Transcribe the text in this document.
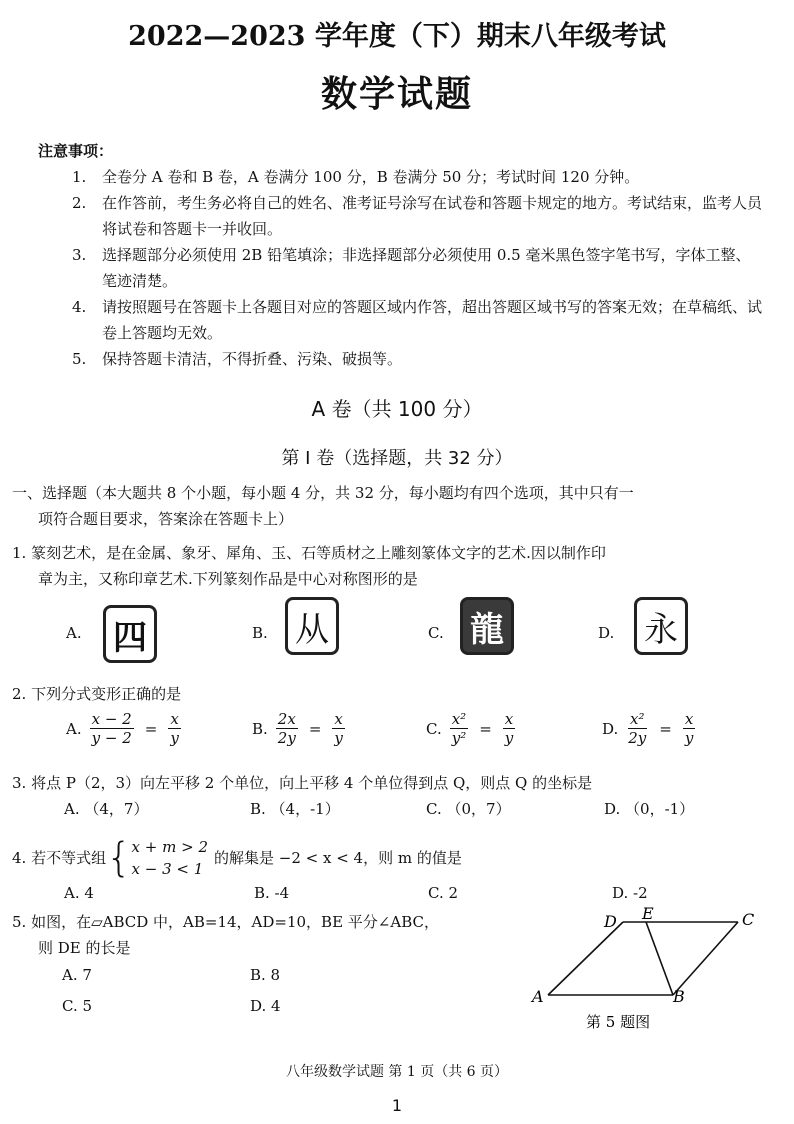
2022—2023 学年度（下）期末八年级考试
数学试题
注意事项：
1.	全卷分 A 卷和 B 卷，A 卷满分 100 分，B 卷满分 50 分；考试时间 120 分钟。
2.	在作答前，考生务必将自己的姓名、准考证号涂写在试卷和答题卡规定的地方。考试结束，监考人员将试卷和答题卡一并收回。
3.	选择题部分必须使用 2B 铅笔填涂；非选择题部分必须使用 0.5 毫米黑色签字笔书写，字体工整、笔迹清楚。
4.	请按照题号在答题卡上各题目对应的答题区域内作答，超出答题区域书写的答案无效；在草稿纸、试卷上答题均无效。
5.	保持答题卡清洁，不得折叠、污染、破损等。
A 卷（共 100 分）
第 I 卷（选择题，共 32 分）
一、选择题（本大题共 8 个小题，每小题 4 分，共 32 分，每小题均有四个选项，其中只有一
项符合题目要求，答案涂在答题卡上）
1. 篆刻艺术，是在金属、象牙、犀角、玉、石等质材之上雕刻篆体文字的艺术.因以制作印
章为主，又称印章艺术.下列篆刻作品是中心对称图形的是
A. 四	B. 从	C. 龍	D. 永
2. 下列分式变形正确的是
A. $\frac{x - 2}{y - 2} = \frac{x}{y}$	B. $\frac{2x}{2y} = \frac{x}{y}$	C. $\frac{\text{x²}}{\text{y²}} = \frac{x}{y}$	D. $\frac{\text{x²}}{2y} = \frac{x}{y}$
3. 将点 P（2，3）向左平移 2 个单位，向上平移 4 个单位得到点 Q，则点 Q 的坐标是
A. （4，7）	B. （4，-1）	C. （0，7）	D. （0，-1）
4. 若不等式组 { x + m > 2
x − 3 < 1
的解集是 −2 < x < 4，则 m 的值是
A. 4	B. -4	C. 2	D. -2
5. 如图，在▱ABCD 中，AB=14，AD=10，BE 平分∠ABC，
则 DE 的长是
A. 7	B. 8
C. 5	D. 4
D E	C
A	B
第 5 题图
八年级数学试题 第 1 页（共 6 页）
1
